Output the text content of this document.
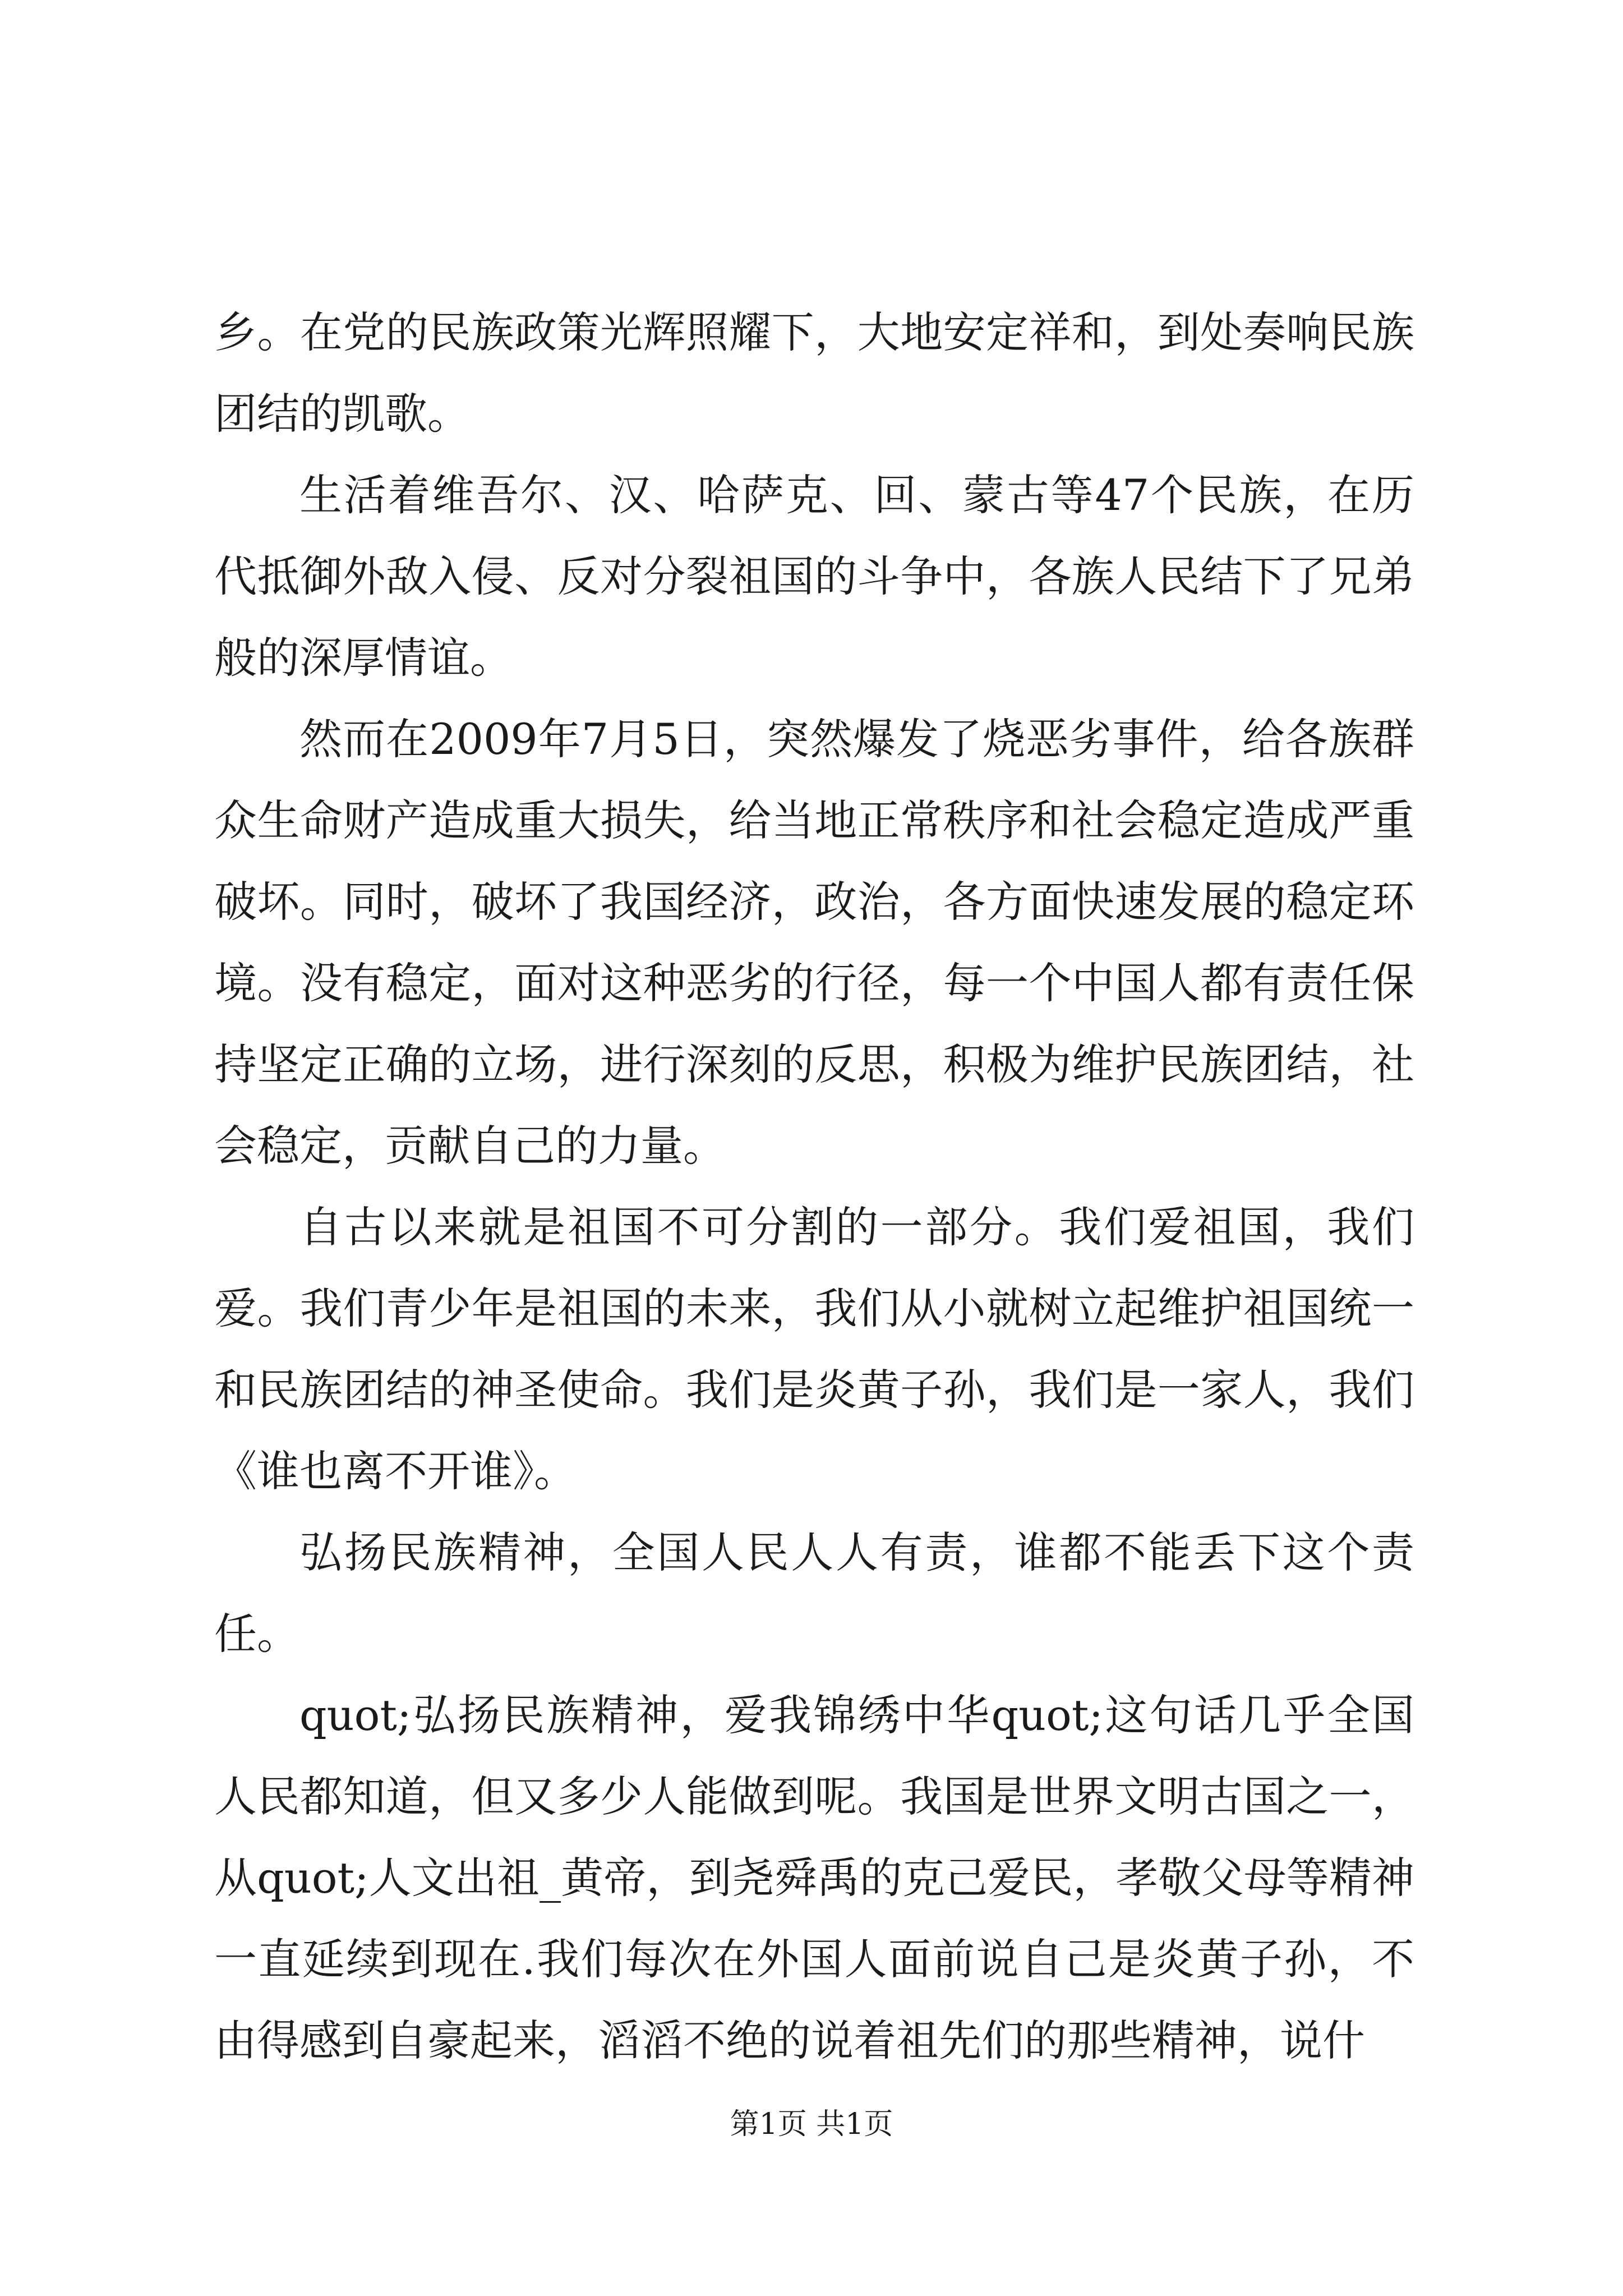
乡。在党的民族政策光辉照耀下，大地安定祥和，到处奏响民族团结的凯歌。

生活着维吾尔、汉、哈萨克、回、蒙古等47个民族，在历代抵御外敌入侵、反对分裂祖国的斗争中，各族人民结下了兄弟般的深厚情谊。

然而在2009年7月5日，突然爆发了烧恶劣事件，给各族群众生命财产造成重大损失，给当地正常秩序和社会稳定造成严重破坏。同时，破坏了我国经济，政治，各方面快速发展的稳定环境。没有稳定，面对这种恶劣的行径，每一个中国人都有责任保持坚定正确的立场，进行深刻的反思，积极为维护民族团结，社会稳定，贡献自己的力量。

自古以来就是祖国不可分割的一部分。我们爱祖国，我们爱。我们青少年是祖国的未来，我们从小就树立起维护祖国统一和民族团结的神圣使命。我们是炎黄子孙，我们是一家人，我们《谁也离不开谁》。

弘扬民族精神，全国人民人人有责，谁都不能丢下这个责任。

quot;弘扬民族精神，爱我锦绣中华quot;这句话几乎全国人民都知道，但又多少人能做到呢。我国是世界文明古国之一，从quot;人文出祖_黄帝，到尧舜禹的克己爱民，孝敬父母等精神一直延续到现在.我们每次在外国人面前说自己是炎黄子孙，不由得感到自豪起来，滔滔不绝的说着祖先们的那些精神，说什

第1页 共1页
